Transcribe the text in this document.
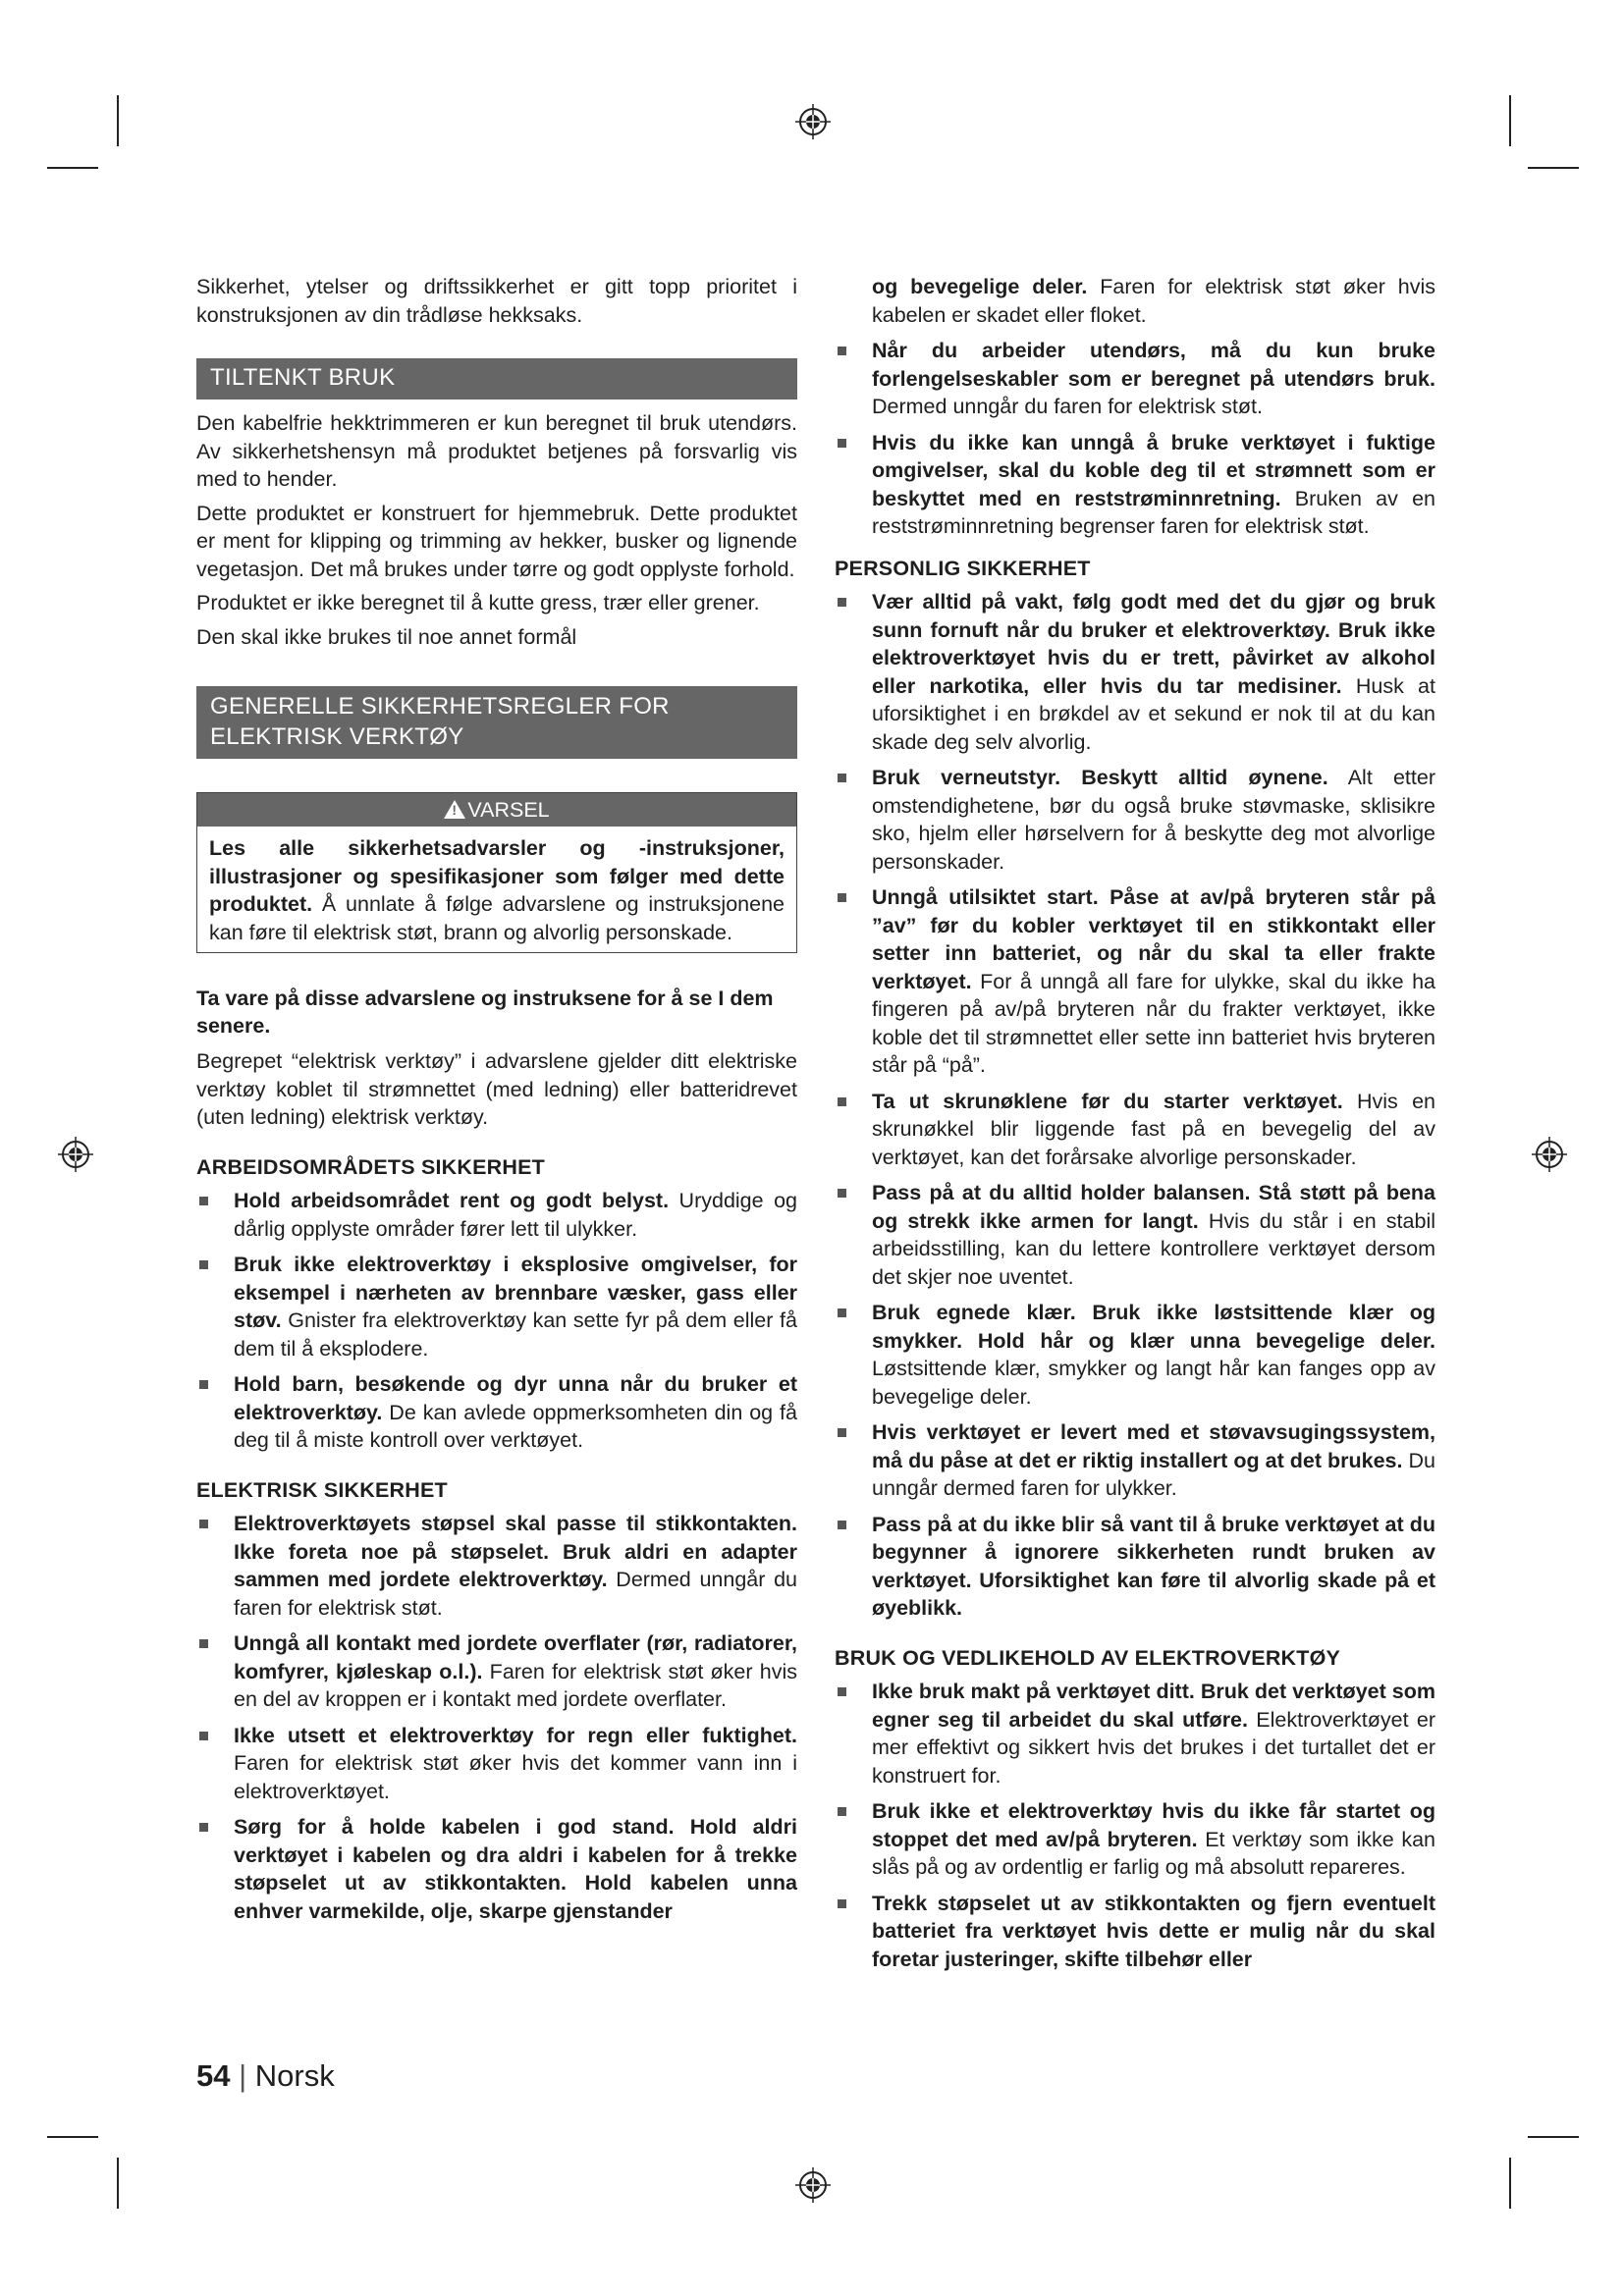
Sikkerhet, ytelser og driftssikkerhet er gitt topp prioritet i konstruksjonen av din trådløse hekksaks.

TILTENKT BRUK

Den kabelfrie hekktrimmeren er kun beregnet til bruk utendørs. Av sikkerhetshensyn må produktet betjenes på forsvarlig vis med to hender.

Dette produktet er konstruert for hjemmebruk. Dette produktet er ment for klipping og trimming av hekker, busker og lignende vegetasjon. Det må brukes under tørre og godt opplyste forhold.

Produktet er ikke beregnet til å kutte gress, trær eller grener.

Den skal ikke brukes til noe annet formål

GENERELLE SIKKERHETSREGLER FOR
ELEKTRISK VERKTØY
! VARSEL
Les alle sikkerhetsadvarsler og -instruksjoner, illustrasjoner og spesifikasjoner som følger med dette produktet. Å unnlate å følge advarslene og instruksjonene kan føre til elektrisk støt, brann og alvorlig personskade.
Ta vare på disse advarslene og instruksene for å se I dem senere.

Begrepet “elektrisk verktøy” i advarslene gjelder ditt elektriske verktøy koblet til strømnettet (med ledning) eller batteridrevet (uten ledning) elektrisk verktøy.

ARBEIDSOMRÅDETS SIKKERHET
Hold arbeidsområdet rent og godt belyst. Uryddige og dårlig opplyste områder fører lett til ulykker.
Bruk ikke elektroverktøy i eksplosive omgivelser, for eksempel i nærheten av brennbare væsker, gass eller støv. Gnister fra elektroverktøy kan sette fyr på dem eller få dem til å eksplodere.
Hold barn, besøkende og dyr unna når du bruker et elektroverktøy. De kan avlede oppmerksomheten din og få deg til å miste kontroll over verktøyet.
ELEKTRISK SIKKERHET
Elektroverktøyets støpsel skal passe til stikkontakten. Ikke foreta noe på støpselet. Bruk aldri en adapter sammen med jordete elektroverktøy. Dermed unngår du faren for elektrisk støt.
Unngå all kontakt med jordete overflater (rør, radiatorer, komfyrer, kjøleskap o.l.). Faren for elektrisk støt øker hvis en del av kroppen er i kontakt med jordete overflater.
Ikke utsett et elektroverktøy for regn eller fuktighet. Faren for elektrisk støt øker hvis det kommer vann inn i elektroverktøyet.
Sørg for å holde kabelen i god stand. Hold aldri verktøyet i kabelen og dra aldri i kabelen for å trekke støpselet ut av stikkontakten. Hold kabelen unna enhver varmekilde, olje, skarpe gjenstander

og bevegelige deler. Faren for elektrisk støt øker hvis kabelen er skadet eller floket.

Når du arbeider utendørs, må du kun bruke forlengelseskabler som er beregnet på utendørs bruk. Dermed unngår du faren for elektrisk støt.
Hvis du ikke kan unngå å bruke verktøyet i fuktige omgivelser, skal du koble deg til et strømnett som er beskyttet med en reststrøminnretning. Bruken av en reststrøminnretning begrenser faren for elektrisk støt.
PERSONLIG SIKKERHET
Vær alltid på vakt, følg godt med det du gjør og bruk sunn fornuft når du bruker et elektroverktøy. Bruk ikke elektroverktøyet hvis du er trett, påvirket av alkohol eller narkotika, eller hvis du tar medisiner. Husk at uforsiktighet i en brøkdel av et sekund er nok til at du kan skade deg selv alvorlig.
Bruk verneutstyr. Beskytt alltid øynene. Alt etter omstendighetene, bør du også bruke støvmaske, sklisikre sko, hjelm eller hørselvern for å beskytte deg mot alvorlige personskader.
Unngå utilsiktet start. Påse at av/på bryteren står på ”av” før du kobler verktøyet til en stikkontakt eller setter inn batteriet, og når du skal ta eller frakte verktøyet. For å unngå all fare for ulykke, skal du ikke ha fingeren på av/på bryteren når du frakter verktøyet, ikke koble det til strømnettet eller sette inn batteriet hvis bryteren står på “på”.
Ta ut skrunøklene før du starter verktøyet. Hvis en skrunøkkel blir liggende fast på en bevegelig del av verktøyet, kan det forårsake alvorlige personskader.
Pass på at du alltid holder balansen. Stå støtt på bena og strekk ikke armen for langt. Hvis du står i en stabil arbeidsstilling, kan du lettere kontrollere verktøyet dersom det skjer noe uventet.
Bruk egnede klær. Bruk ikke løstsittende klær og smykker. Hold hår og klær unna bevegelige deler. Løstsittende klær, smykker og langt hår kan fanges opp av bevegelige deler.
Hvis verktøyet er levert med et støvavsugingssystem, må du påse at det er riktig installert og at det brukes. Du unngår dermed faren for ulykker.
Pass på at du ikke blir så vant til å bruke verktøyet at du begynner å ignorere sikkerheten rundt bruken av verktøyet. Uforsiktighet kan føre til alvorlig skade på et øyeblikk.
BRUK OG VEDLIKEHOLD AV ELEKTROVERKTØY
Ikke bruk makt på verktøyet ditt. Bruk det verktøyet som egner seg til arbeidet du skal utføre. Elektroverktøyet er mer effektivt og sikkert hvis det brukes i det turtallet det er konstruert for.
Bruk ikke et elektroverktøy hvis du ikke får startet og stoppet det med av/på bryteren. Et verktøy som ikke kan slås på og av ordentlig er farlig og må absolutt repareres.
Trekk støpselet ut av stikkontakten og fjern eventuelt batteriet fra verktøyet hvis dette er mulig når du skal foretar justeringer, skifte tilbehør eller
54 | Norsk
